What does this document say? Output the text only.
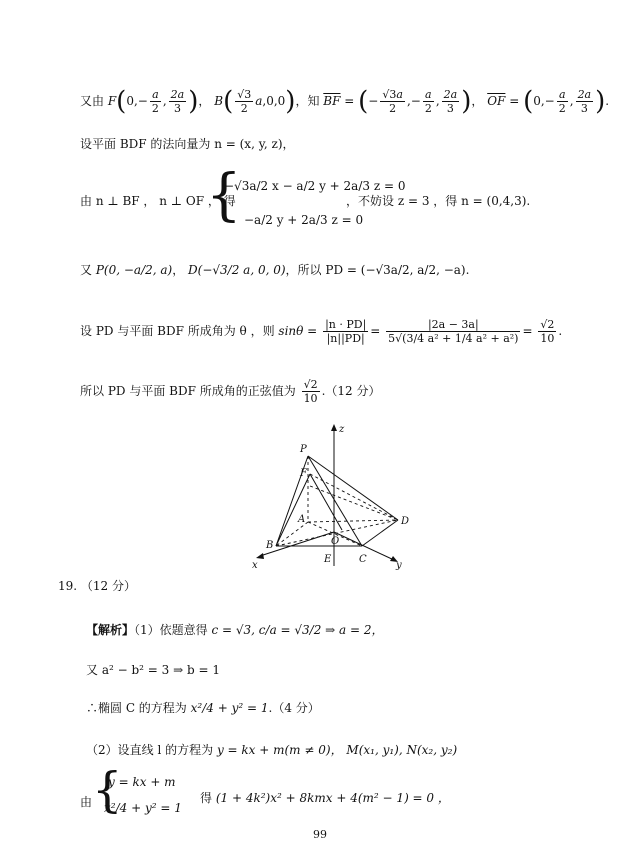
又由 $F(0,- \frac{a}{2}$ , $\frac{2a}{3}$ )， $B( \frac{√3}{2} a,0,0)$，知 $\overline{BF}$ = (− $\frac{√3a}{2}$ ,− $\frac{a}{2}$ , $\frac{2a}{3}$ )， $\overline{OF} = (0,- \frac{a}{2}$ , $\frac{2a}{3}$ ).
设平面 BDF 的法向量为 n = (x, y, z)，
由 n ⊥ BF ， n ⊥ OF ， 得
{
−√3a/2 x − a/2 y + 2a/3 z = 0
−a/2 y + 2a/3 z = 0
，不妨设 z = 3 ，得 n = (0,4,3).
又 P(0, −a/2, a)， D(−√3/2 a, 0, 0)，所以 PD = (−√3a/2, a/2, −a).
设 PD 与平面 BDF 所成角为 θ ，则 $\sin\theta = \frac{|n \cdot PD|}{|n||PD|} = \frac{|2a - 3a|}{\text{5√(3/4 a² + 1/4 a² + a²)}} = \frac{√2}{10}$ .
所以 PD 与平面 BDF 所成角的正弦值为 $\frac{√2}{10} .(12$ 分）
P
F
A	D
B	O
E	C
x	y
z
19. （12 分）
【解析】（1）依题意得 c = √3, c/a = √3/2 ⇒ a = 2，
又 a² − b² = 3 ⇒ b = 1
∴椭圆 C 的方程为 x²/4 + y² = 1.（4 分）
（2）设直线 l 的方程为 y = kx + m(m ≠ 0)， M(x₁, y₁), N(x₂, y₂)
由 {
y = kx + m
x²/4 + y² = 1
得 (1 + 4k²)x² + 8kmx + 4(m² − 1) = 0 ，
99
